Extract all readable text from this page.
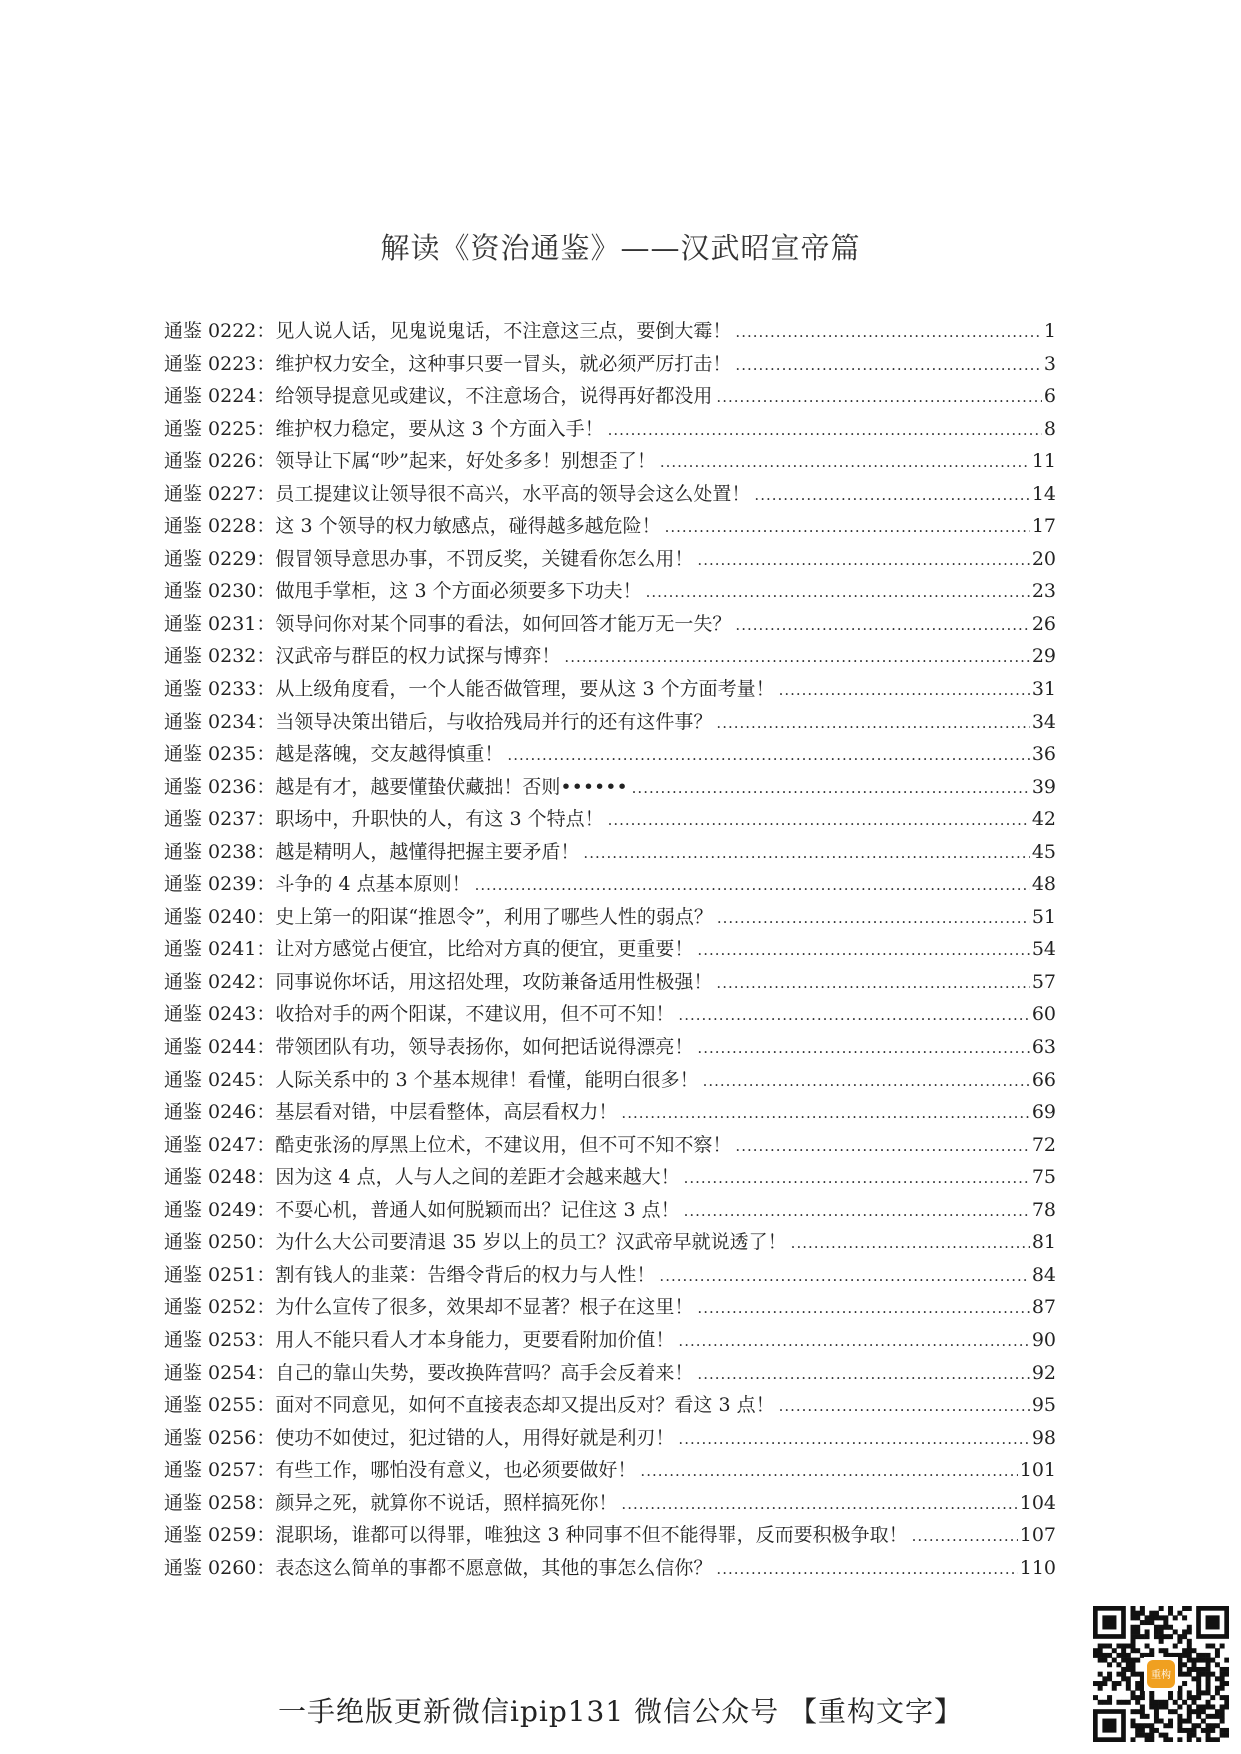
解读《资治通鉴》——汉武昭宣帝篇
通鉴 0222： 见人说人话，见鬼说鬼话，不注意这三点，要倒大霉！ .....	1
通鉴 0223： 维护权力安全，这种事只要一冒头，就必须严厉打击！ .....	3
通鉴 0224： 给领导提意见或建议，不注意场合，说得再好都没用 .....	6
通鉴 0225： 维护权力稳定，要从这 3 个方面入手！ .....	8
通鉴 0226： 领导让下属“吵”起来，好处多多！别想歪了！ .....	11
通鉴 0227： 员工提建议让领导很不高兴，水平高的领导会这么处置！ .....	14
通鉴 0228： 这 3 个领导的权力敏感点，碰得越多越危险！ .....	17
通鉴 0229： 假冒领导意思办事，不罚反奖，关键看你怎么用！ .....	20
通鉴 0230： 做甩手掌柜，这 3 个方面必须要多下功夫！ .....	23
通鉴 0231： 领导问你对某个同事的看法，如何回答才能万无一失？ .....	26
通鉴 0232： 汉武帝与群臣的权力试探与博弈！ .....	29
通鉴 0233： 从上级角度看，一个人能否做管理，要从这 3 个方面考量！ .....	31
通鉴 0234： 当领导决策出错后，与收拾残局并行的还有这件事？ .....	34
通鉴 0235： 越是落魄，交友越得慎重！ .....	36
通鉴 0236： 越是有才，越要懂蛰伏藏拙！否则•••••• .....	39
通鉴 0237： 职场中，升职快的人，有这 3 个特点！ .....	42
通鉴 0238： 越是精明人，越懂得把握主要矛盾！ .....	45
通鉴 0239： 斗争的 4 点基本原则！ .....	48
通鉴 0240： 史上第一的阳谋“推恩令”，利用了哪些人性的弱点？ .....	51
通鉴 0241： 让对方感觉占便宜，比给对方真的便宜，更重要！ .....	54
通鉴 0242： 同事说你坏话，用这招处理，攻防兼备适用性极强！ .....	57
通鉴 0243： 收拾对手的两个阳谋，不建议用，但不可不知！ .....	60
通鉴 0244： 带领团队有功，领导表扬你，如何把话说得漂亮！ .....	63
通鉴 0245： 人际关系中的 3 个基本规律！看懂，能明白很多！ .....	66
通鉴 0246： 基层看对错，中层看整体，高层看权力！ .....	69
通鉴 0247： 酷吏张汤的厚黑上位术，不建议用，但不可不知不察！ .....	72
通鉴 0248： 因为这 4 点，人与人之间的差距才会越来越大！ .....	75
通鉴 0249： 不耍心机，普通人如何脱颖而出？记住这 3 点！ .....	78
通鉴 0250： 为什么大公司要清退 35 岁以上的员工？汉武帝早就说透了！ .....	81
通鉴 0251： 割有钱人的韭菜：告缗令背后的权力与人性！ .....	84
通鉴 0252： 为什么宣传了很多，效果却不显著？根子在这里！ .....	87
通鉴 0253： 用人不能只看人才本身能力，更要看附加价值！ .....	90
通鉴 0254： 自己的靠山失势，要改换阵营吗？高手会反着来！ .....	92
通鉴 0255： 面对不同意见，如何不直接表态却又提出反对？看这 3 点！ .....	95
通鉴 0256： 使功不如使过，犯过错的人，用得好就是利刃！ .....	98
通鉴 0257： 有些工作，哪怕没有意义，也必须要做好！ .....	101
通鉴 0258： 颜异之死，就算你不说话，照样搞死你！ .....	104
通鉴 0259： 混职场，谁都可以得罪，唯独这 3 种同事不但不能得罪，反而要积极争取！ .....	107
通鉴 0260： 表态这么简单的事都不愿意做，其他的事怎么信你？ .....	110
一手绝版更新微信ipip131 微信公众号 【重构文字】
重构
